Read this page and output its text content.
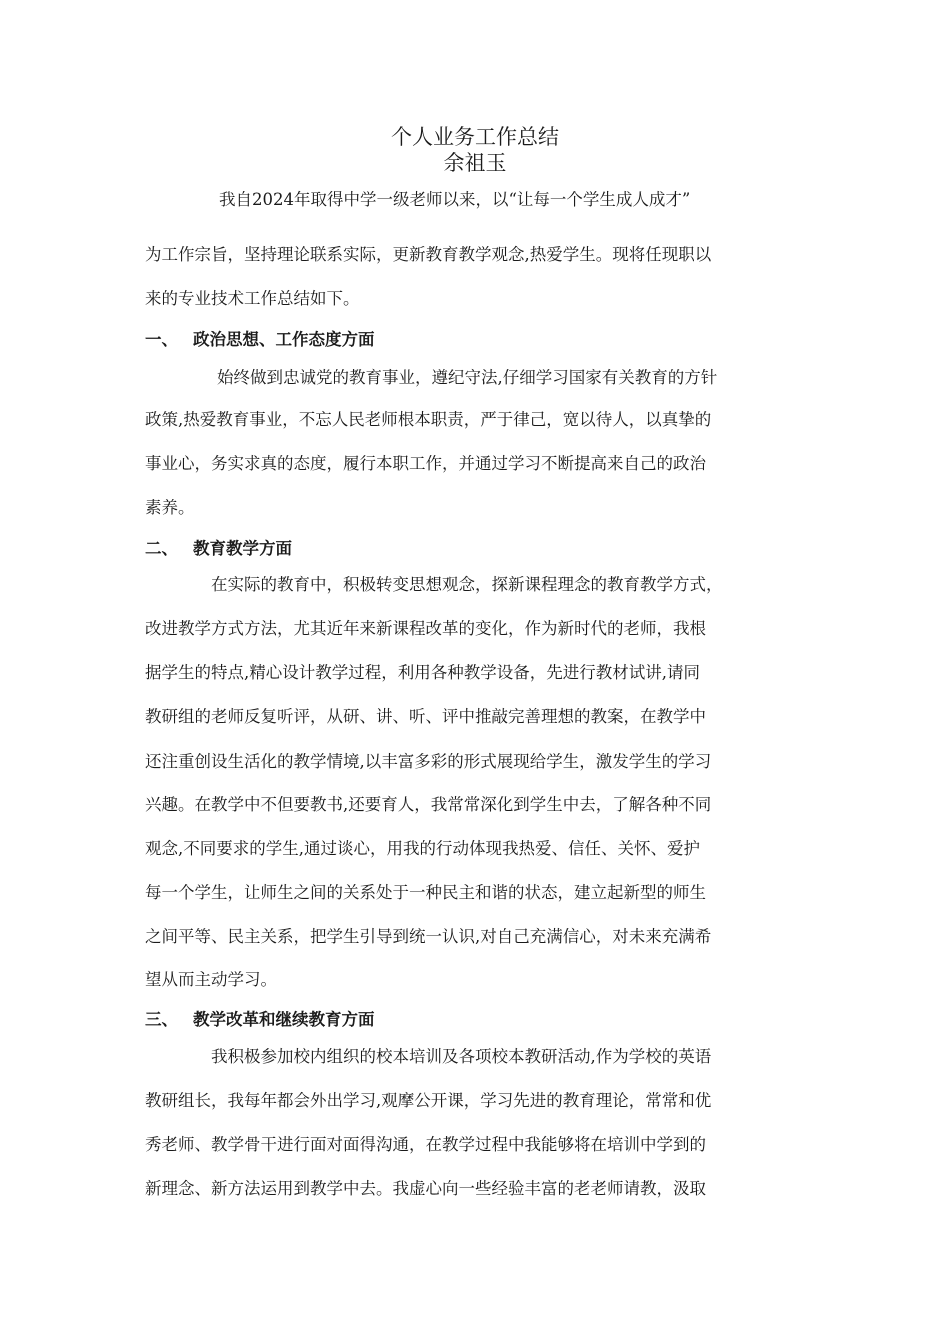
个人业务工作总结
余祖玉
我自2024年取得中学一级老师以来，以“让每一个学生成人成才”
为工作宗旨，坚持理论联系实际，更新教育教学观念,热爱学生。现将任现职以
来的专业技术工作总结如下。
一、 政治思想、工作态度方面
始终做到忠诚党的教育事业，遵纪守法,仔细学习国家有关教育的方针
政策,热爱教育事业，不忘人民老师根本职责，严于律己，宽以待人，以真挚的
事业心，务实求真的态度，履行本职工作，并通过学习不断提高来自己的政治
素养。
二、 教育教学方面
在实际的教育中，积极转变思想观念，探新课程理念的教育教学方式，
改进教学方式方法，尤其近年来新课程改革的变化，作为新时代的老师，我根
据学生的特点,精心设计教学过程，利用各种教学设备，先进行教材试讲,请同
教研组的老师反复听评，从研、讲、听、评中推敲完善理想的教案，在教学中
还注重创设生活化的教学情境,以丰富多彩的形式展现给学生，激发学生的学习
兴趣。在教学中不但要教书,还要育人，我常常深化到学生中去，了解各种不同
观念,不同要求的学生,通过谈心，用我的行动体现我热爱、信任、关怀、爱护
每一个学生，让师生之间的关系处于一种民主和谐的状态，建立起新型的师生
之间平等、民主关系，把学生引导到统一认识,对自己充满信心，对未来充满希
望从而主动学习。
三、 教学改革和继续教育方面
我积极参加校内组织的校本培训及各项校本教研活动,作为学校的英语
教研组长，我每年都会外出学习,观摩公开课，学习先进的教育理论，常常和优
秀老师、教学骨干进行面对面得沟通，在教学过程中我能够将在培训中学到的
新理念、新方法运用到教学中去。我虚心向一些经验丰富的老老师请教，汲取
